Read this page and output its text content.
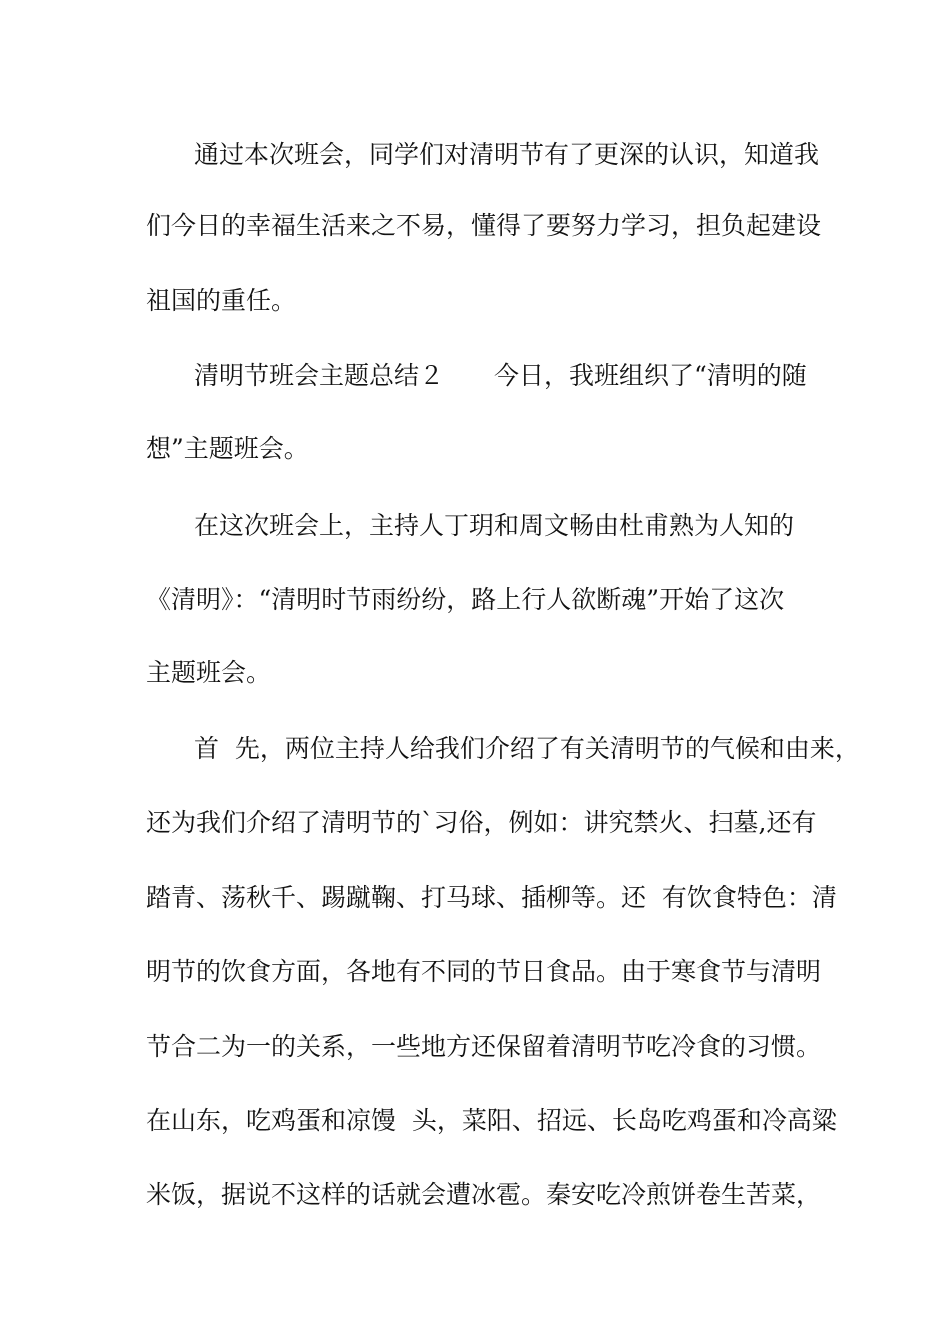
通过本次班会，同学们对清明节有了更深的认识，知道我
们今日的幸福生活来之不易，懂得了要努力学习，担负起建设
祖国的重任。
清明节班会主题总结２　　今日，我班组织了“清明的随
想”主题班会。
在这次班会上，主持人丁玥和周文畅由杜甫熟为人知的
《清明》：“清明时节雨纷纷，路上行人欲断魂”开始了这次
主题班会。
首  先，两位主持人给我们介绍了有关清明节的气候和由来，
还为我们介绍了清明节的`习俗，例如：讲究禁火、扫墓,还有
踏青、荡秋千、踢蹴鞠、打马球、插柳等。还  有饮食特色：清
明节的饮食方面，各地有不同的节日食品。由于寒食节与清明
节合二为一的关系，一些地方还保留着清明节吃冷食的习惯。
在山东，吃鸡蛋和凉馒  头，菜阳、招远、长岛吃鸡蛋和冷高粱
米饭，据说不这样的话就会遭冰雹。秦安吃冷煎饼卷生苦菜，
